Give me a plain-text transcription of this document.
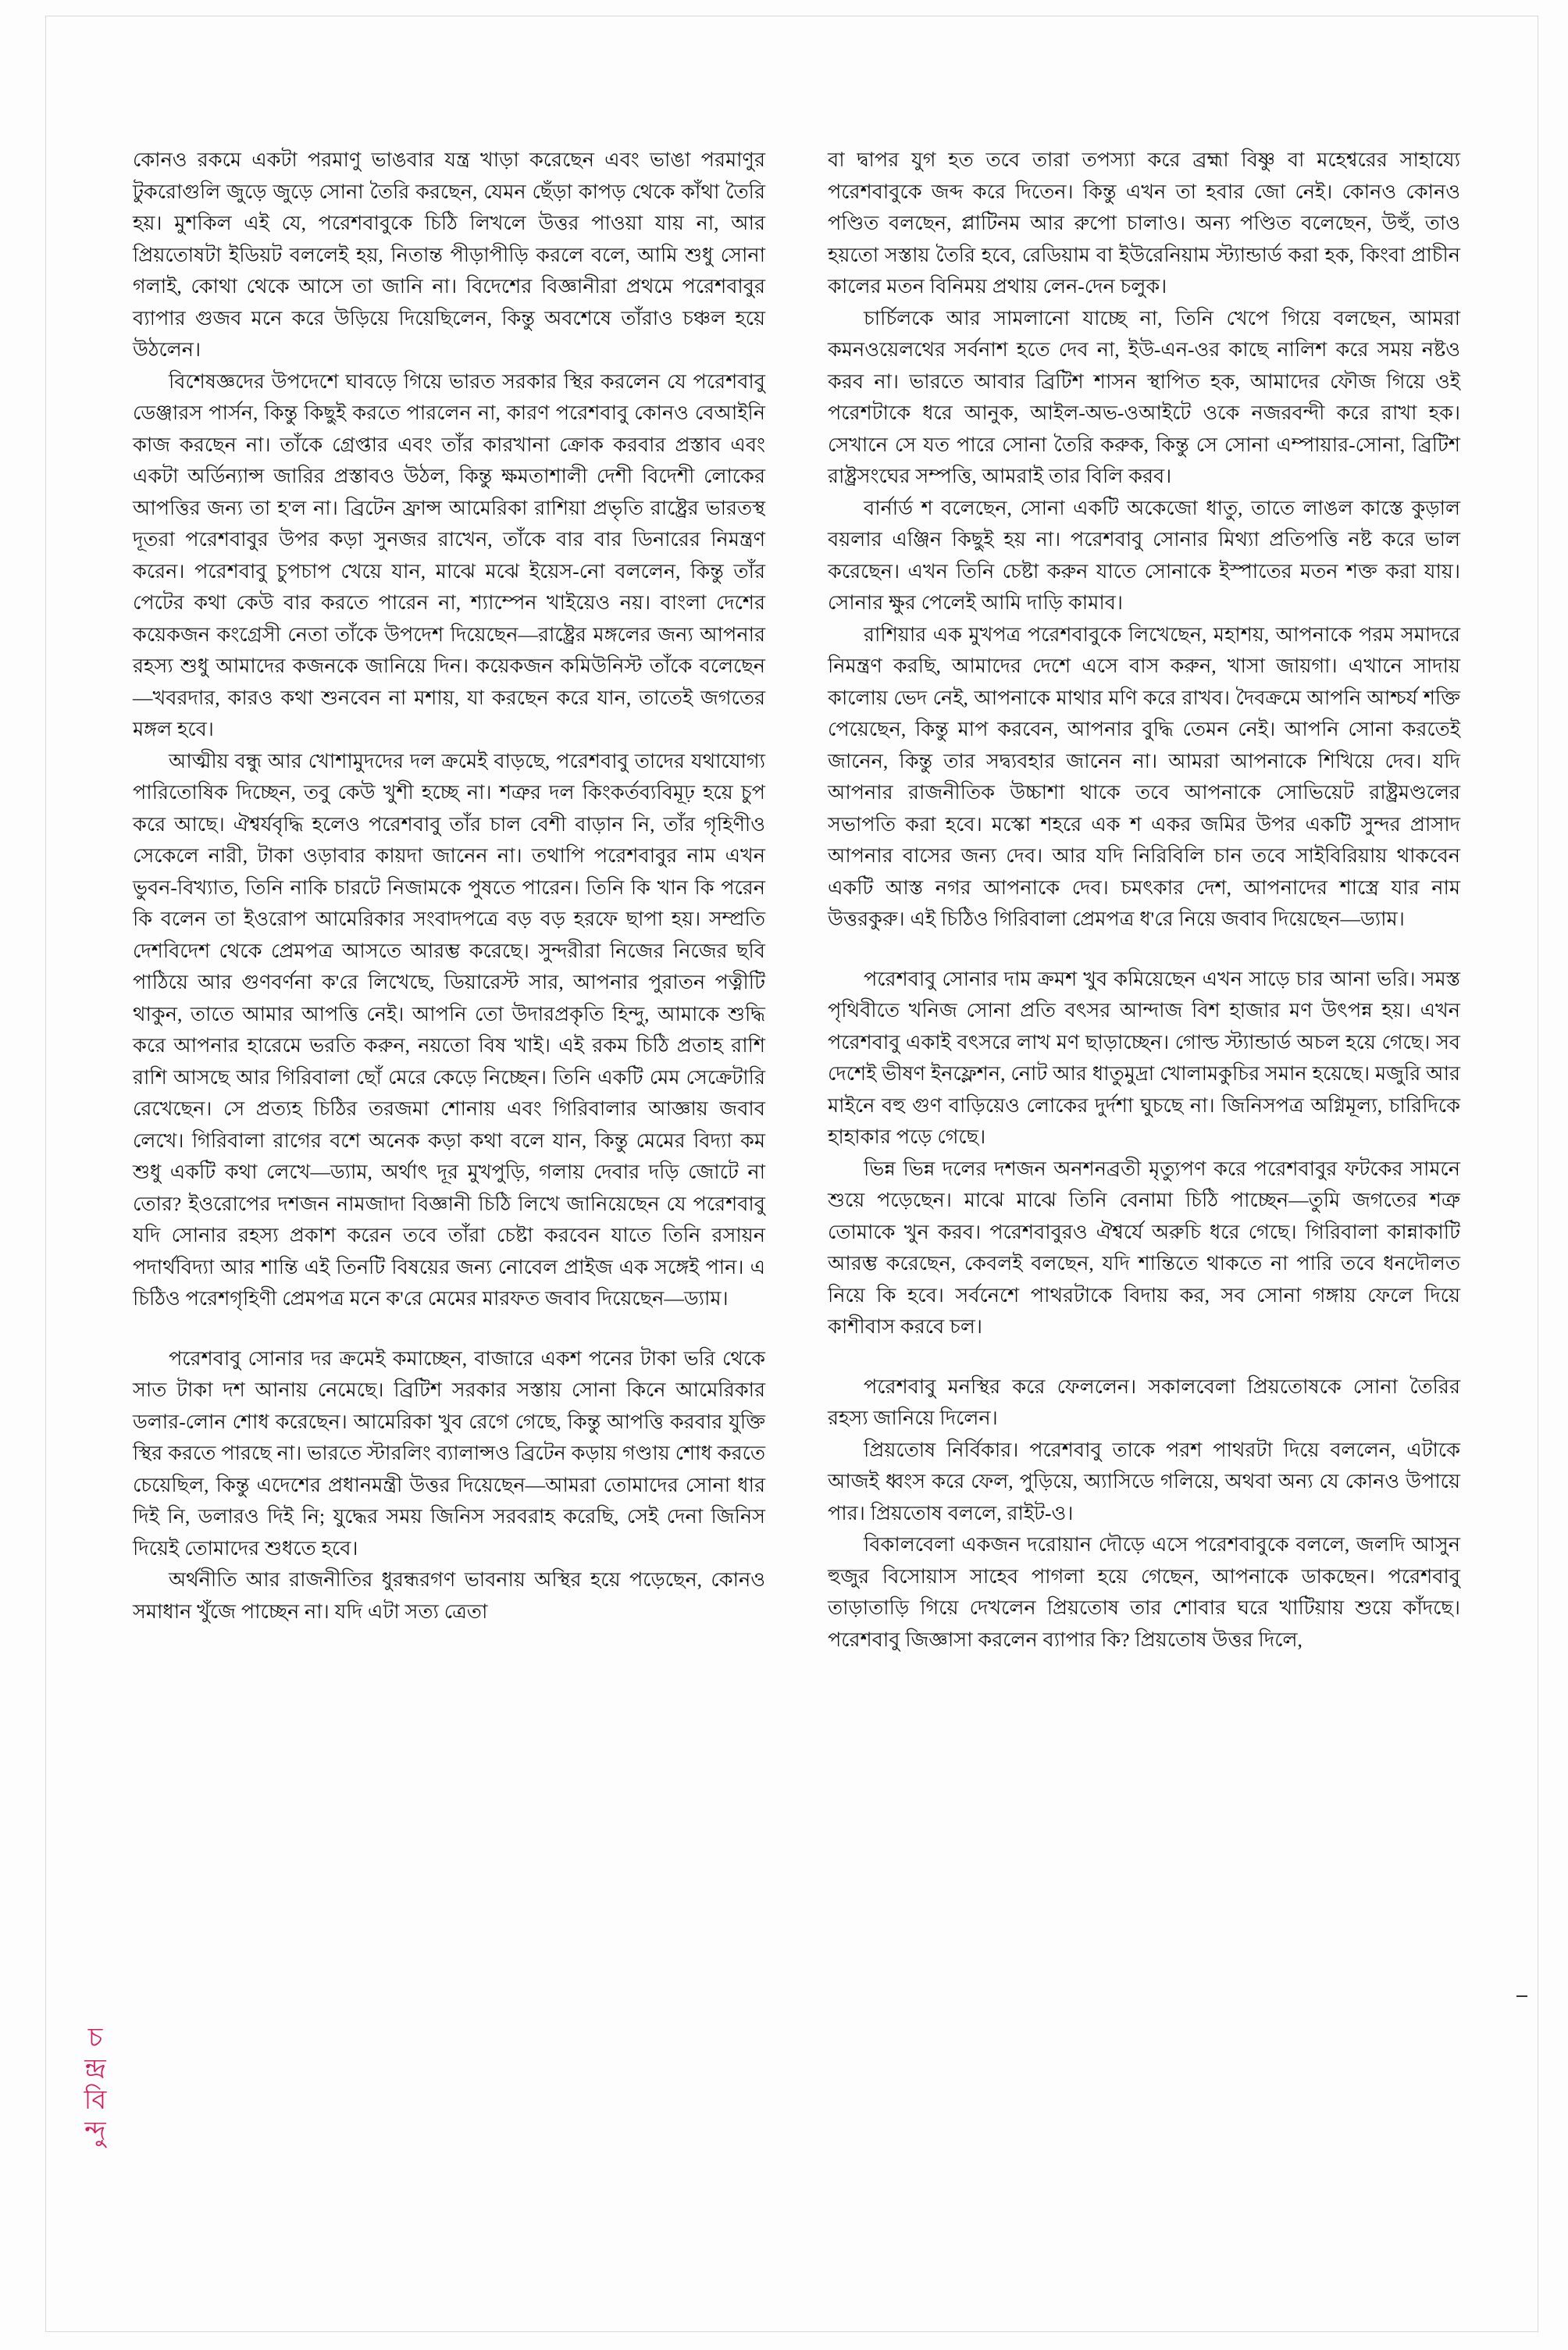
চ
ন্দ্র
বি
ন্দু

কোনও রকমে একটা পরমাণু ভাঙবার যন্ত্র খাড়া করেছেন এবং ভাঙা পরমাণুর টুকরোগুলি জুড়ে জুড়ে সোনা তৈরি করছেন, যেমন ছেঁড়া কাপড় থেকে কাঁথা তৈরি হয়। মুশকিল এই যে, পরেশবাবুকে চিঠি লিখলে উত্তর পাওয়া যায় না, আর প্রিয়তোষটা ইডিয়ট বললেই হয়, নিতান্ত পীড়াপীড়ি করলে বলে, আমি শুধু সোনা গলাই, কোথা থেকে আসে তা জানি না। বিদেশের বিজ্ঞানীরা প্রথমে পরেশবাবুর ব্যাপার গুজব মনে করে উড়িয়ে দিয়েছিলেন, কিন্তু অবশেষে তাঁরাও চঞ্চল হয়ে উঠলেন।

বিশেষজ্ঞদের উপদেশে ঘাবড়ে গিয়ে ভারত সরকার স্থির করলেন যে পরেশবাবু ডেঞ্জারস পার্সন, কিন্তু কিছুই করতে পারলেন না, কারণ পরেশবাবু কোনও বেআইনি কাজ করছেন না। তাঁকে গ্রেপ্তার এবং তাঁর কারখানা ক্রোক করবার প্রস্তাব এবং একটা অর্ডিন্যান্স জারির প্রস্তাবও উঠল, কিন্তু ক্ষমতাশালী দেশী বিদেশী লোকের আপত্তির জন্য তা হ'ল না। ব্রিটেন ফ্রান্স আমেরিকা রাশিয়া প্রভৃতি রাষ্ট্রের ভারতস্থ দূতরা পরেশবাবুর উপর কড়া সুনজর রাখেন, তাঁকে বার বার ডিনারের নিমন্ত্রণ করেন। পরেশবাবু চুপচাপ খেয়ে যান, মাঝে মঝে ইয়েস-নো বললেন, কিন্তু তাঁর পেটের কথা কেউ বার করতে পারেন না, শ্যাম্পেন খাইয়েও নয়। বাংলা দেশের কয়েকজন কংগ্রেসী নেতা তাঁকে উপদেশ দিয়েছেন—রাষ্ট্রের মঙ্গলের জন্য আপনার রহস্য শুধু আমাদের কজনকে জানিয়ে দিন। কয়েকজন কমিউনিস্ট তাঁকে বলেছেন—খবরদার, কারও কথা শুনবেন না মশায়, যা করছেন করে যান, তাতেই জগতের মঙ্গল হবে।

আত্মীয় বন্ধু আর খোশামুদদের দল ক্রমেই বাড়ছে, পরেশবাবু তাদের যথাযোগ্য পারিতোষিক দিচ্ছেন, তবু কেউ খুশী হচ্ছে না। শত্রুর দল কিংকর্তব্যবিমূঢ় হয়ে চুপ করে আছে। ঐশ্বর্যবৃদ্ধি হলেও পরেশবাবু তাঁর চাল বেশী বাড়ান নি, তাঁর গৃহিণীও সেকেলে নারী, টাকা ওড়াবার কায়দা জানেন না। তথাপি পরেশবাবুর নাম এখন ভুবন-বিখ্যাত, তিনি নাকি চারটে নিজামকে পুষতে পারেন। তিনি কি খান কি পরেন কি বলেন তা ইওরোপ আমেরিকার সংবাদপত্রে বড় বড় হরফে ছাপা হয়। সম্প্রতি দেশবিদেশ থেকে প্রেমপত্র আসতে আরম্ভ করেছে। সুন্দরীরা নিজের নিজের ছবি পাঠিয়ে আর গুণবর্ণনা ক'রে লিখেছে, ডিয়ারেস্ট সার, আপনার পুরাতন পত্নীটি থাকুন, তাতে আমার আপত্তি নেই। আপনি তো উদারপ্রকৃতি হিন্দু, আমাকে শুদ্ধি করে আপনার হারেমে ভরতি করুন, নয়তো বিষ খাই। এই রকম চিঠি প্রতাহ রাশি রাশি আসছে আর গিরিবালা ছোঁ মেরে কেড়ে নিচ্ছেন। তিনি একটি মেম সেক্রেটারি রেখেছেন। সে প্রত্যহ চিঠির তরজমা শোনায় এবং গিরিবালার আজ্ঞায় জবাব লেখে। গিরিবালা রাগের বশে অনেক কড়া কথা বলে যান, কিন্তু মেমের বিদ্যা কম শুধু একটি কথা লেখে—ড্যাম, অর্থাৎ দূর মুখপুড়ি, গলায় দেবার দড়ি জোটে না তোর? ইওরোপের দশজন নামজাদা বিজ্ঞানী চিঠি লিখে জানিয়েছেন যে পরেশবাবু যদি সোনার রহস্য প্রকাশ করেন তবে তাঁরা চেষ্টা করবেন যাতে তিনি রসায়ন পদার্থবিদ্যা আর শান্তি এই তিনটি বিষয়ের জন্য নোবেল প্রাইজ এক সঙ্গেই পান। এ চিঠিও পরেশগৃহিণী প্রেমপত্র মনে ক'রে মেমের মারফত জবাব দিয়েছেন—ড্যাম।

পরেশবাবু সোনার দর ক্রমেই কমাচ্ছেন, বাজারে একশ পনের টাকা ভরি থেকে সাত টাকা দশ আনায় নেমেছে। ব্রিটিশ সরকার সস্তায় সোনা কিনে আমেরিকার ডলার-লোন শোধ করেছেন। আমেরিকা খুব রেগে গেছে, কিন্তু আপত্তি করবার যুক্তি স্থির করতে পারছে না। ভারতে স্টারলিং ব্যালান্সও ব্রিটেন কড়ায় গণ্ডায় শোধ করতে চেয়েছিল, কিন্তু এদেশের প্রধানমন্ত্রী উত্তর দিয়েছেন—আমরা তোমাদের সোনা ধার দিই নি, ডলারও দিই নি; যুদ্ধের সময় জিনিস সরবরাহ করেছি, সেই দেনা জিনিস দিয়েই তোমাদের শুধতে হবে।

অর্থনীতি আর রাজনীতির ধুরন্ধরগণ ভাবনায় অস্থির হয়ে পড়েছেন, কোনও সমাধান খুঁজে পাচ্ছেন না। যদি এটা সত্য ত্রেতা

বা দ্বাপর যুগ হত তবে তারা তপস্যা করে ব্রহ্মা বিষ্ণু বা মহেশ্বরের সাহায্যে পরেশবাবুকে জব্দ করে দিতেন। কিন্তু এখন তা হবার জো নেই। কোনও কোনও পণ্ডিত বলছেন, প্লাটিনম আর রুপো চালাও। অন্য পণ্ডিত বলেছেন, উহুঁ, তাও হয়তো সস্তায় তৈরি হবে, রেডিয়াম বা ইউরেনিয়াম স্ট্যান্ডার্ড করা হক, কিংবা প্রাচীন কালের মতন বিনিময় প্রথায় লেন-দেন চলুক।

চার্চিলকে আর সামলানো যাচ্ছে না, তিনি খেপে গিয়ে বলছেন, আমরা কমনওয়েলথের সর্বনাশ হতে দেব না, ইউ-এন-ওর কাছে নালিশ করে সময় নষ্টও করব না। ভারতে আবার ব্রিটিশ শাসন স্থাপিত হক, আমাদের ফৌজ গিয়ে ওই পরেশটাকে ধরে আনুক, আইল-অভ-ওআইটে ওকে নজরবন্দী করে রাখা হক। সেখানে সে যত পারে সোনা তৈরি করুক, কিন্তু সে সোনা এম্পায়ার-সোনা, ব্রিটিশ রাষ্ট্রসংঘের সম্পত্তি, আমরাই তার বিলি করব।

বার্নার্ড শ বলেছেন, সোনা একটি অকেজো ধাতু, তাতে লাঙল কাস্তে কুড়াল বয়লার এঞ্জিন কিছুই হয় না। পরেশবাবু সোনার মিথ্যা প্রতিপত্তি নষ্ট করে ভাল করেছেন। এখন তিনি চেষ্টা করুন যাতে সোনাকে ইস্পাতের মতন শক্ত করা যায়। সোনার ক্ষুর পেলেই আমি দাড়ি কামাব।

রাশিয়ার এক মুখপত্র পরেশবাবুকে লিখেছেন, মহাশয়, আপনাকে পরম সমাদরে নিমন্ত্রণ করছি, আমাদের দেশে এসে বাস করুন, খাসা জায়গা। এখানে সাদায় কালোয় ভেদ নেই, আপনাকে মাথার মণি করে রাখব। দৈবক্রমে আপনি আশ্চর্য শক্তি পেয়েছেন, কিন্তু মাপ করবেন, আপনার বুদ্ধি তেমন নেই। আপনি সোনা করতেই জানেন, কিন্তু তার সদ্ব্যবহার জানেন না। আমরা আপনাকে শিখিয়ে দেব। যদি আপনার রাজনীতিক উচ্চাশা থাকে তবে আপনাকে সোভিয়েট রাষ্ট্রমণ্ডলের সভাপতি করা হবে। মস্কো শহরে এক শ একর জমির উপর একটি সুন্দর প্রাসাদ আপনার বাসের জন্য দেব। আর যদি নিরিবিলি চান তবে সাইবিরিয়ায় থাকবেন একটি আস্ত নগর আপনাকে দেব। চমৎকার দেশ, আপনাদের শাস্ত্রে যার নাম উত্তরকুরু। এই চিঠিও গিরিবালা প্রেমপত্র ধ'রে নিয়ে জবাব দিয়েছেন—ড্যাম।

পরেশবাবু সোনার দাম ক্রমশ খুব কমিয়েছেন এখন সাড়ে চার আনা ভরি। সমস্ত পৃথিবীতে খনিজ সোনা প্রতি বৎসর আন্দাজ বিশ হাজার মণ উৎপন্ন হয়। এখন পরেশবাবু একাই বৎসরে লাখ মণ ছাড়াচ্ছেন। গোল্ড স্ট্যান্ডার্ড অচল হয়ে গেছে। সব দেশেই ভীষণ ইনফ্লেশন, নোট আর ধাতুমুদ্রা খোলামকুচির সমান হয়েছে। মজুরি আর মাইনে বহু গুণ বাড়িয়েও লোকের দুর্দশা ঘুচছে না। জিনিসপত্র অগ্নিমূল্য, চারিদিকে হাহাকার পড়ে গেছে।

ভিন্ন ভিন্ন দলের দশজন অনশনব্রতী মৃত্যুপণ করে পরেশবাবুর ফটকের সামনে শুয়ে পড়েছেন। মাঝে মাঝে তিনি বেনামা চিঠি পাচ্ছেন—তুমি জগতের শত্রু তোমাকে খুন করব। পরেশবাবুরও ঐশ্বর্যে অরুচি ধরে গেছে। গিরিবালা কান্নাকাটি আরম্ভ করেছেন, কেবলই বলছেন, যদি শান্তিতে থাকতে না পারি তবে ধনদৌলত নিয়ে কি হবে। সর্বনেশে পাথরটাকে বিদায় কর, সব সোনা গঙ্গায় ফেলে দিয়ে কাশীবাস করবে চল।

পরেশবাবু মনস্থির করে ফেললেন। সকালবেলা প্রিয়তোষকে সোনা তৈরির রহস্য জানিয়ে দিলেন।

প্রিয়তোষ নির্বিকার। পরেশবাবু তাকে পরশ পাথরটা দিয়ে বললেন, এটাকে আজই ধ্বংস করে ফেল, পুড়িয়ে, অ্যাসিডে গলিয়ে, অথবা অন্য যে কোনও উপায়ে পার। প্রিয়তোষ বললে, রাইট-ও।

বিকালবেলা একজন দরোয়ান দৌড়ে এসে পরেশবাবুকে বললে, জলদি আসুন হুজুর বিসোয়াস সাহেব পাগলা হয়ে গেছেন, আপনাকে ডাকছেন। পরেশবাবু তাড়াতাড়ি গিয়ে দেখলেন প্রিয়তোষ তার শোবার ঘরে খাটিয়ায় শুয়ে কাঁদছে। পরেশবাবু জিজ্ঞাসা করলেন ব্যাপার কি? প্রিয়তোষ উত্তর দিলে,
